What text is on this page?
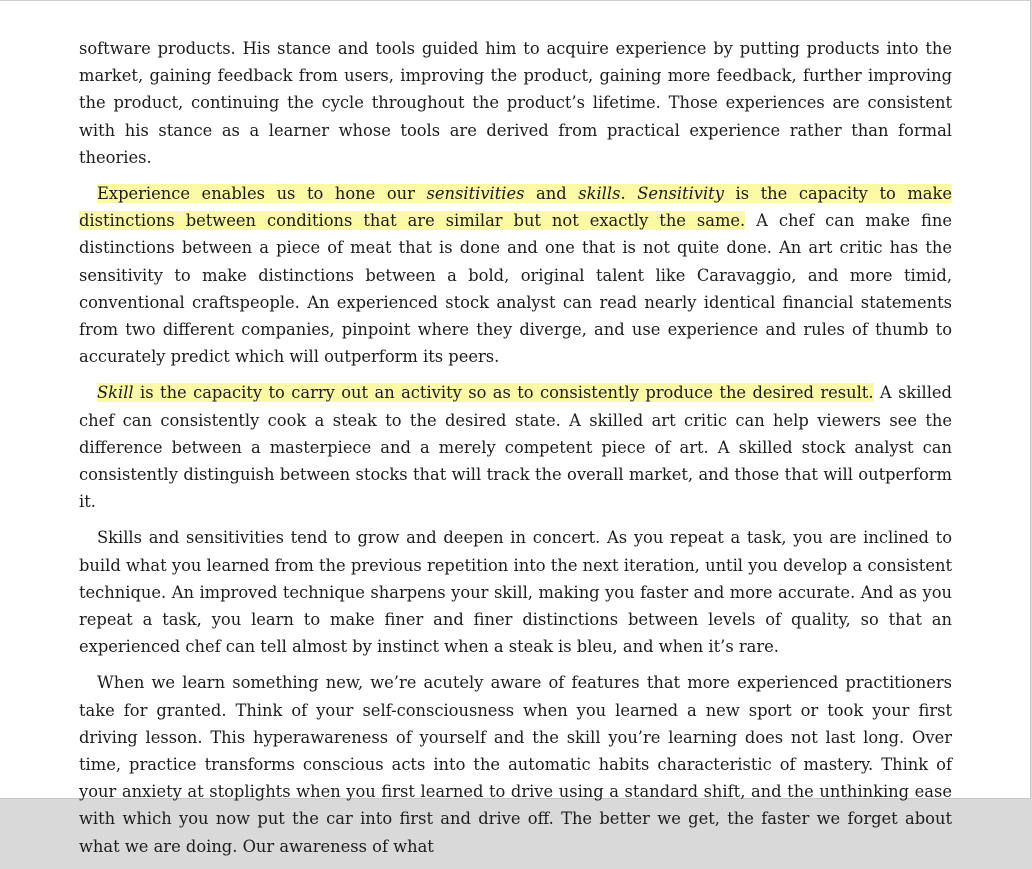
software products. His stance and tools guided him to acquire experience by putting products into the market, gaining feedback from users, improving the product, gaining more feedback, further improving the product, continuing the cycle throughout the product’s lifetime. Those experiences are consistent with his stance as a learner whose tools are derived from practical experience rather than formal theories.

Experience enables us to hone our sensitivities and skills. Sensitivity is the capacity to make distinctions between conditions that are similar but not exactly the same. A chef can make fine distinctions between a piece of meat that is done and one that is not quite done. An art critic has the sensitivity to make distinctions between a bold, original talent like Caravaggio, and more timid, conventional craftspeople. An experienced stock analyst can read nearly identical financial statements from two different companies, pinpoint where they diverge, and use experience and rules of thumb to accurately predict which will outperform its peers.

Skill is the capacity to carry out an activity so as to consistently produce the desired result. A skilled chef can consistently cook a steak to the desired state. A skilled art critic can help viewers see the difference between a masterpiece and a merely competent piece of art. A skilled stock analyst can consistently distinguish between stocks that will track the overall market, and those that will outperform it.

Skills and sensitivities tend to grow and deepen in concert. As you repeat a task, you are inclined to build what you learned from the previous repetition into the next iteration, until you develop a consistent technique. An improved technique sharpens your skill, making you faster and more accurate. And as you repeat a task, you learn to make finer and finer distinctions between levels of quality, so that an experienced chef can tell almost by instinct when a steak is bleu, and when it’s rare.

When we learn something new, we’re acutely aware of features that more experienced practitioners take for granted. Think of your self-consciousness when you learned a new sport or took your first driving lesson. This hyperawareness of yourself and the skill you’re learning does not last long. Over time, practice transforms conscious acts into the automatic habits characteristic of mastery. Think of your anxiety at stoplights when you first learned to drive using a standard shift, and the unthinking ease with which you now put the car into first and drive off. The better we get, the faster we forget about what we are doing. Our awareness of what
